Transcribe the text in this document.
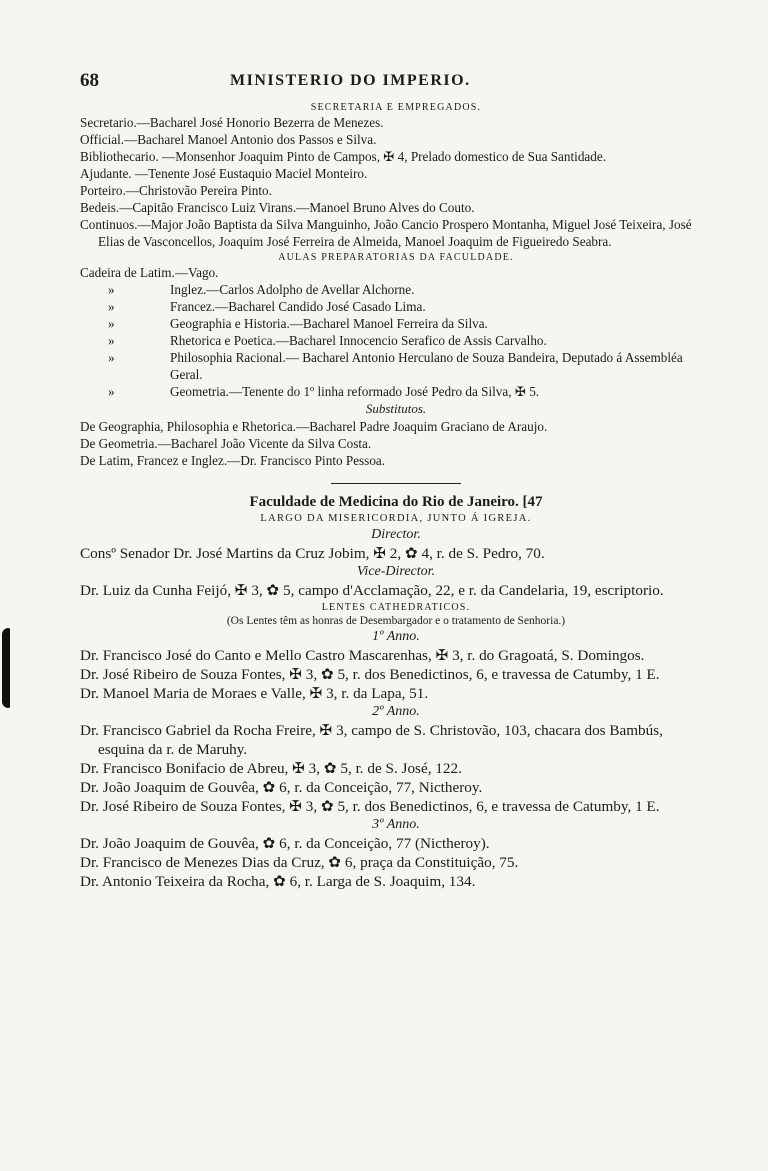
68	MINISTERIO DO IMPERIO.
SECRETARIA E EMPREGADOS.
Secretario.—Bacharel José Honorio Bezerra de Menezes.
Official.—Bacharel Manoel Antonio dos Passos e Silva.
Bibliothecario. —Monsenhor Joaquim Pinto de Campos, ✠ 4, Prelado domestico de Sua Santidade.
Ajudante. —Tenente José Eustaquio Maciel Monteiro.
Porteiro.—Christovão Pereira Pinto.
Bedeis.—Capitão Francisco Luiz Virans.—Manoel Bruno Alves do Couto.
Continuos.—Major João Baptista da Silva Manguinho, João Cancio Prospero Montanha, Miguel José Teixeira, José Elias de Vasconcellos, Joaquim José Ferreira de Almeida, Manoel Joaquim de Figueiredo Seabra.
AULAS PREPARATORIAS DA FACULDADE.
Cadeira de Latim.—Vago.
»	Inglez.—Carlos Adolpho de Avellar Alchorne.
»	Francez.—Bacharel Candido José Casado Lima.
»	Geographia e Historia.—Bacharel Manoel Ferreira da Silva.
»	Rhetorica e Poetica.—Bacharel Innocencio Serafico de Assis Carvalho.
»	Philosophia Racional.— Bacharel Antonio Herculano de Souza Bandeira, Deputado á Assembléa Geral.
»	Geometria.—Tenente do 1º linha reformado José Pedro da Silva, ✠ 5.
Substitutos.
De Geographia, Philosophia e Rhetorica.—Bacharel Padre Joaquim Graciano de Araujo.
De Geometria.—Bacharel João Vicente da Silva Costa.
De Latim, Francez e Inglez.—Dr. Francisco Pinto Pessoa.
Faculdade de Medicina do Rio de Janeiro. [47
LARGO DA MISERICORDIA, JUNTO Á IGREJA.
Director.
Consº Senador Dr. José Martins da Cruz Jobim, ✠ 2, ✿ 4, r. de S. Pedro, 70.
Vice-Director.
Dr. Luiz da Cunha Feijó, ✠ 3, ✿ 5, campo d'Acclamação, 22, e r. da Candelaria, 19, escriptorio.
LENTES CATHEDRATICOS.
(Os Lentes têm as honras de Desembargador e o tratamento de Senhoria.)
1º Anno.
Dr. Francisco José do Canto e Mello Castro Mascarenhas, ✠ 3, r. do Gragoatá, S. Domingos.
Dr. José Ribeiro de Souza Fontes, ✠ 3, ✿ 5, r. dos Benedictinos, 6, e travessa de Catumby, 1 E.
Dr. Manoel Maria de Moraes e Valle, ✠ 3, r. da Lapa, 51.
2º Anno.
Dr. Francisco Gabriel da Rocha Freire, ✠ 3, campo de S. Christovão, 103, chacara dos Bambús, esquina da r. de Maruhy.
Dr. Francisco Bonifacio de Abreu, ✠ 3, ✿ 5, r. de S. José, 122.
Dr. João Joaquim de Gouvêa, ✿ 6, r. da Conceição, 77, Nictheroy.
Dr. José Ribeiro de Souza Fontes, ✠ 3, ✿ 5, r. dos Benedictinos, 6, e travessa de Catumby, 1 E.
3º Anno.
Dr. João Joaquim de Gouvêa, ✿ 6, r. da Conceição, 77 (Nictheroy).
Dr. Francisco de Menezes Dias da Cruz, ✿ 6, praça da Constituição, 75.
Dr. Antonio Teixeira da Rocha, ✿ 6, r. Larga de S. Joaquim, 134.
